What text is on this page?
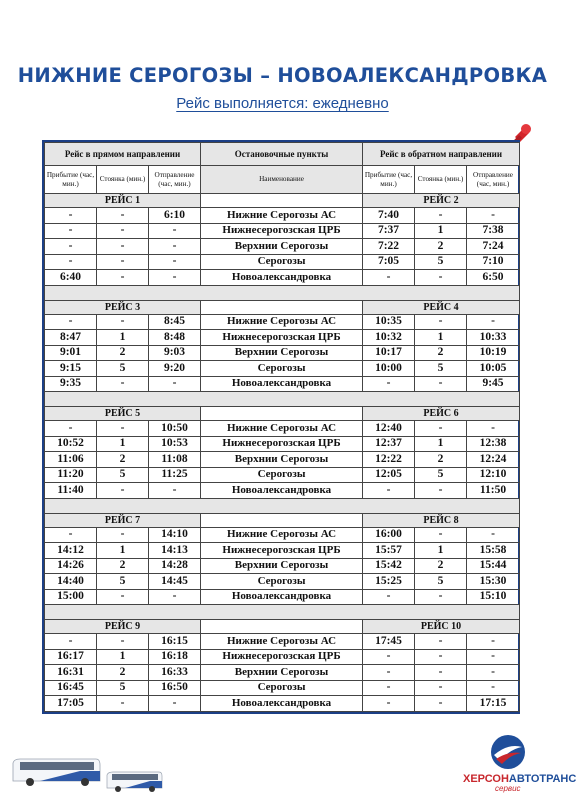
НИЖНИЕ СЕРОГОЗЫ – НОВОАЛЕКСАНДРОВКА
Рейс выполняется: ежедневно
Рейс в прямом направлении			Остановочные пункты	Рейс в обратном направлении		
Прибытие (час, мин.)	Стоянка (мин.)	Отправление (час, мин.)	Наименование	Прибытие (час, мин.)	Стоянка (мин.)	Отправление (час, мин.)
РЕЙС 1				РЕЙС 2		
-	-	6:10	Нижние Серогозы АС	7:40	-	-
-	-	-	Нижнесерогозская ЦРБ	7:37	1	7:38
-	-	-	Верхнии Серогозы	7:22	2	7:24
-	-	-	Серогозы	7:05	5	7:10
6:40	-	-	Новоалександровка	-	-	6:50

РЕЙС 3				РЕЙС 4		
-	-	8:45	Нижние Серогозы АС	10:35	-	-
8:47	1	8:48	Нижнесерогозская ЦРБ	10:32	1	10:33
9:01	2	9:03	Верхнии Серогозы	10:17	2	10:19
9:15	5	9:20	Серогозы	10:00	5	10:05
9:35	-	-	Новоалександровка	-	-	9:45

РЕЙС 5				РЕЙС 6		
-	-	10:50	Нижние Серогозы АС	12:40	-	-
10:52	1	10:53	Нижнесерогозская ЦРБ	12:37	1	12:38
11:06	2	11:08	Верхнии Серогозы	12:22	2	12:24
11:20	5	11:25	Серогозы	12:05	5	12:10
11:40	-	-	Новоалександровка	-	-	11:50

РЕЙС 7				РЕЙС 8		
-	-	14:10	Нижние Серогозы АС	16:00	-	-
14:12	1	14:13	Нижнесерогозская ЦРБ	15:57	1	15:58
14:26	2	14:28	Верхнии Серогозы	15:42	2	15:44
14:40	5	14:45	Серогозы	15:25	5	15:30
15:00	-	-	Новоалександровка	-	-	15:10

РЕЙС 9				РЕЙС 10		
-	-	16:15	Нижние Серогозы АС	17:45	-	-
16:17	1	16:18	Нижнесерогозская ЦРБ	-	-	-
16:31	2	16:33	Верхнии Серогозы	-	-	-
16:45	5	16:50	Серогозы	-	-	-
17:05	-	-	Новоалександровка	-	-	17:15
ХЕРСОНАВТОТРАНС
сервис
